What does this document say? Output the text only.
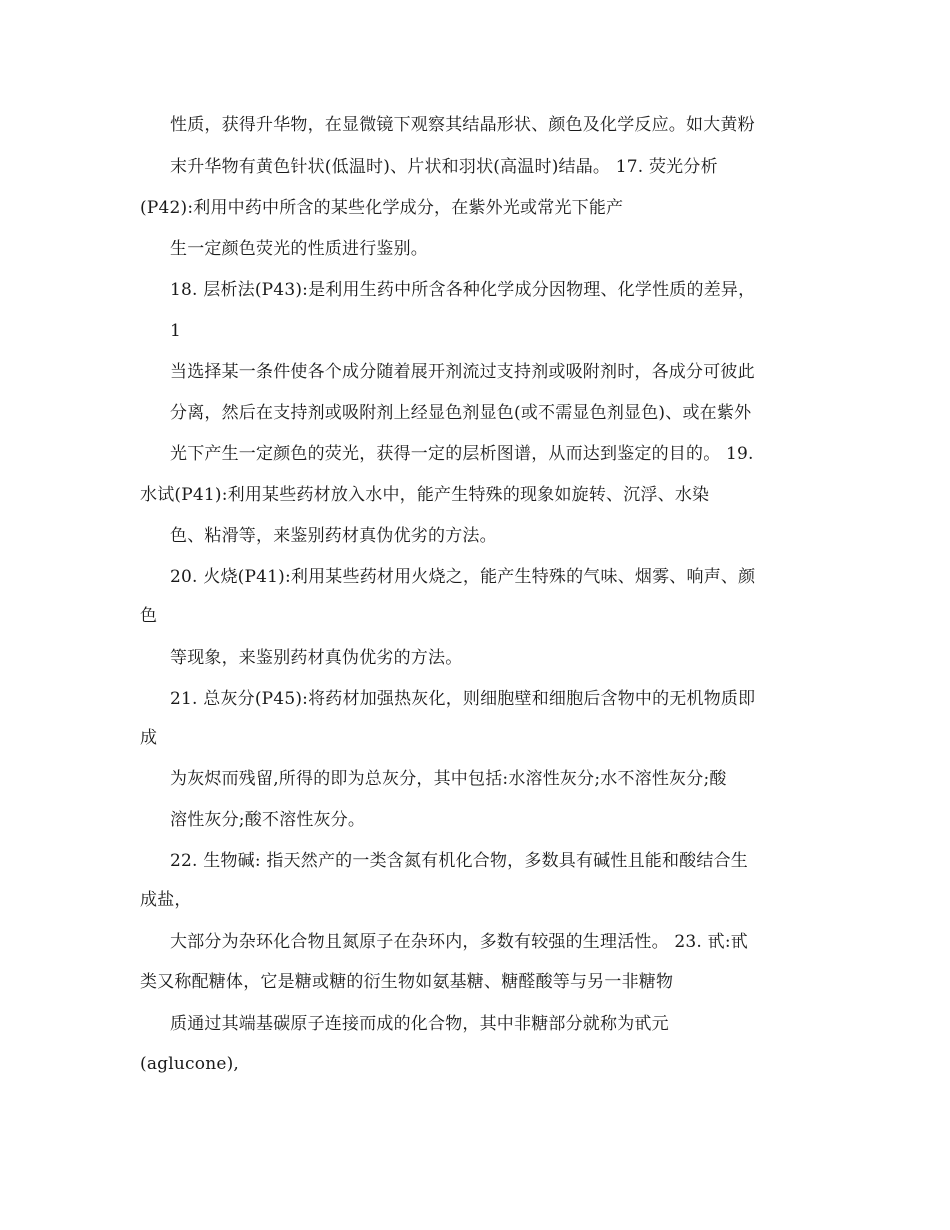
性质，获得升华物，在显微镜下观察其结晶形状、颜色及化学反应。如大黄粉
末升华物有黄色针状(低温时)、片状和羽状(高温时)结晶。 17. 荧光分析
(P42):利用中药中所含的某些化学成分，在紫外光或常光下能产
生一定颜色荧光的性质进行鉴别。
18. 层析法(P43):是利用生药中所含各种化学成分因物理、化学性质的差异，
1
当选择某一条件使各个成分随着展开剂流过支持剂或吸附剂时，各成分可彼此
分离，然后在支持剂或吸附剂上经显色剂显色(或不需显色剂显色)、或在紫外
光下产生一定颜色的荧光，获得一定的层析图谱，从而达到鉴定的目的。 19.
水试(P41):利用某些药材放入水中，能产生特殊的现象如旋转、沉浮、水染
色、粘滑等，来鉴别药材真伪优劣的方法。
20. 火烧(P41):利用某些药材用火烧之，能产生特殊的气味、烟雾、响声、颜
色
等现象，来鉴别药材真伪优劣的方法。
21. 总灰分(P45):将药材加强热灰化，则细胞壁和细胞后含物中的无机物质即
成
为灰烬而残留,所得的即为总灰分，其中包括:水溶性灰分;水不溶性灰分;酸
溶性灰分;酸不溶性灰分。
22. 生物碱: 指天然产的一类含氮有机化合物，多数具有碱性且能和酸结合生
成盐，
大部分为杂环化合物且氮原子在杂环内，多数有较强的生理活性。 23. 甙:甙
类又称配糖体，它是糖或糖的衍生物如氨基糖、糖醛酸等与另一非糖物
质通过其端基碳原子连接而成的化合物，其中非糖部分就称为甙元
(aglucone),
